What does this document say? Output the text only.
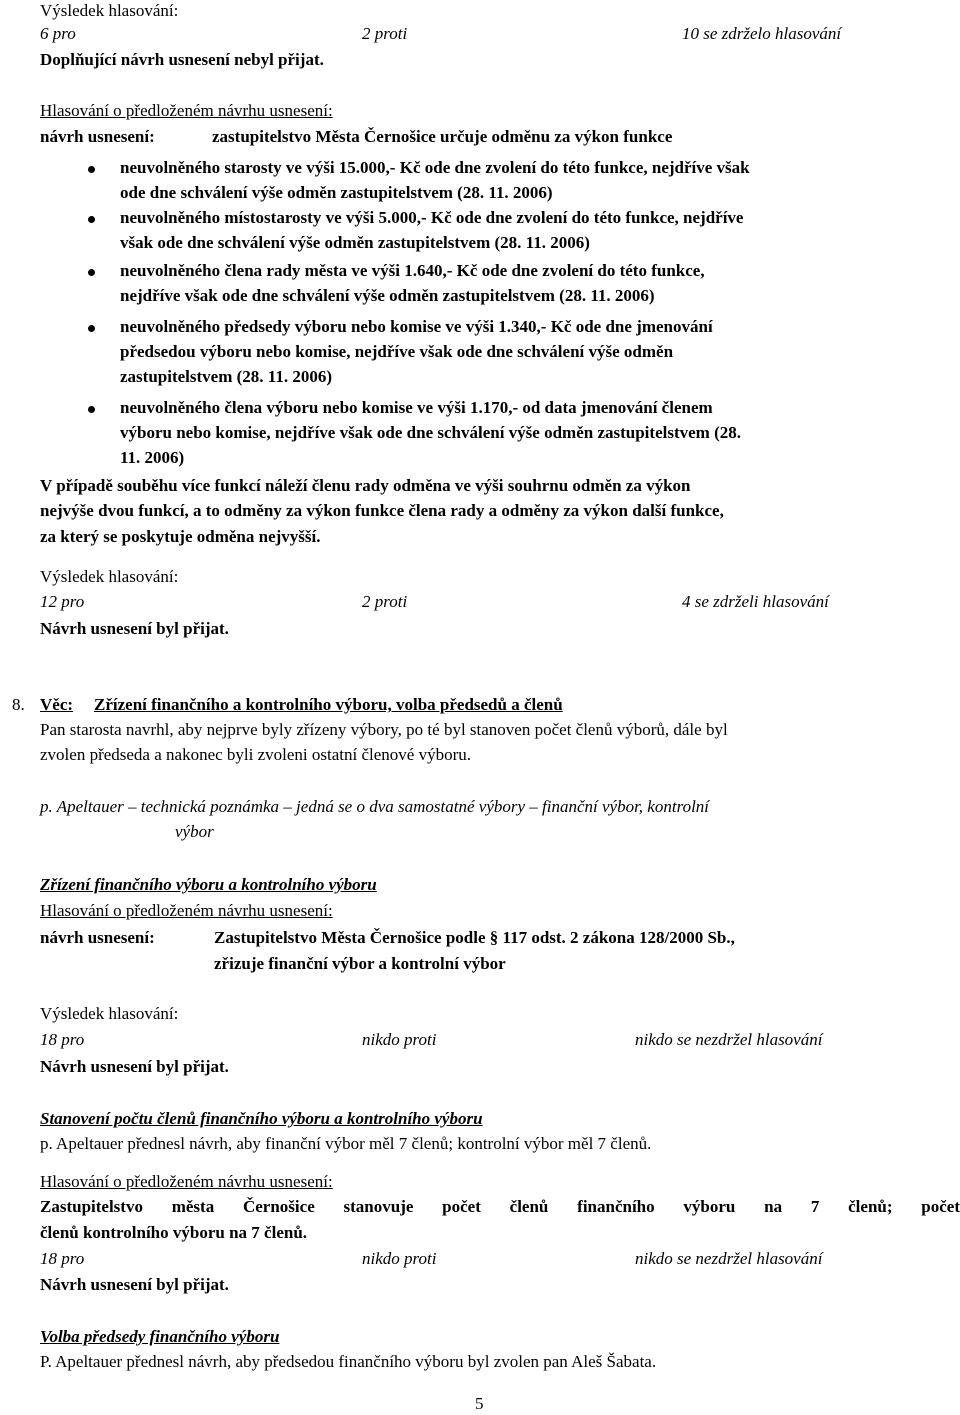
Výsledek hlasování:
6 pro	2 proti	10 se zdrželo hlasování
Doplňující návrh usnesení nebyl přijat.
Hlasování o předloženém návrhu usnesení:
návrh usnesení:	zastupitelstvo Města Černošice určuje odměnu za výkon funkce
neuvolněného starosty ve výši 15.000,- Kč ode dne zvolení do této funkce, nejdříve však
ode dne schválení výše odměn zastupitelstvem (28. 11. 2006)
neuvolněného místostarosty ve výši 5.000,- Kč ode dne zvolení do této funkce, nejdříve
však ode dne schválení výše odměn zastupitelstvem (28. 11. 2006)
neuvolněného člena rady města ve výši 1.640,- Kč ode dne zvolení do této funkce,
nejdříve však ode dne schválení výše odměn zastupitelstvem (28. 11. 2006)
neuvolněného předsedy výboru nebo komise ve výši 1.340,- Kč ode dne jmenování
předsedou výboru nebo komise, nejdříve však ode dne schválení výše odměn
zastupitelstvem (28. 11. 2006)
neuvolněného člena výboru nebo komise ve výši 1.170,- od data jmenování členem
výboru nebo komise, nejdříve však ode dne schválení výše odměn zastupitelstvem (28.
11. 2006)
V případě souběhu více funkcí náleží členu rady odměna ve výši souhrnu odměn za výkon
nejvýše dvou funkcí, a to odměny za výkon funkce člena rady a odměny za výkon další funkce,
za který se poskytuje odměna nejvyšší.
Výsledek hlasování:
12 pro	2 proti	4 se zdrželi hlasování
Návrh usnesení byl přijat.
8. Věc: Zřízení finančního a kontrolního výboru, volba předsedů a členů
Pan starosta navrhl, aby nejprve byly zřízeny výbory, po té byl stanoven počet členů výborů, dále byl
zvolen předseda a nakonec byli zvoleni ostatní členové výboru.
p. Apeltauer – technická poznámka – jedná se o dva samostatné výbory – finanční výbor, kontrolní
výbor
Zřízení finančního výboru a kontrolního výboru
Hlasování o předloženém návrhu usnesení:
návrh usnesení:	Zastupitelstvo Města Černošice podle § 117 odst. 2 zákona 128/2000 Sb.,
zřizuje finanční výbor a kontrolní výbor
Výsledek hlasování:
18 pro	nikdo proti	nikdo se nezdržel hlasování
Návrh usnesení byl přijat.
Stanovení počtu členů finančního výboru a kontrolního výboru
p. Apeltauer přednesl návrh, aby finanční výbor měl 7 členů; kontrolní výbor měl 7 členů.
Hlasování o předloženém návrhu usnesení:
Zastupitelstvo města Černošice stanovuje počet členů finančního výboru na 7 členů; počet
členů kontrolního výboru na 7 členů.
18 pro	nikdo proti	nikdo se nezdržel hlasování
Návrh usnesení byl přijat.
Volba předsedy finančního výboru
P. Apeltauer přednesl návrh, aby předsedou finančního výboru byl zvolen pan Aleš Šabata.
5
